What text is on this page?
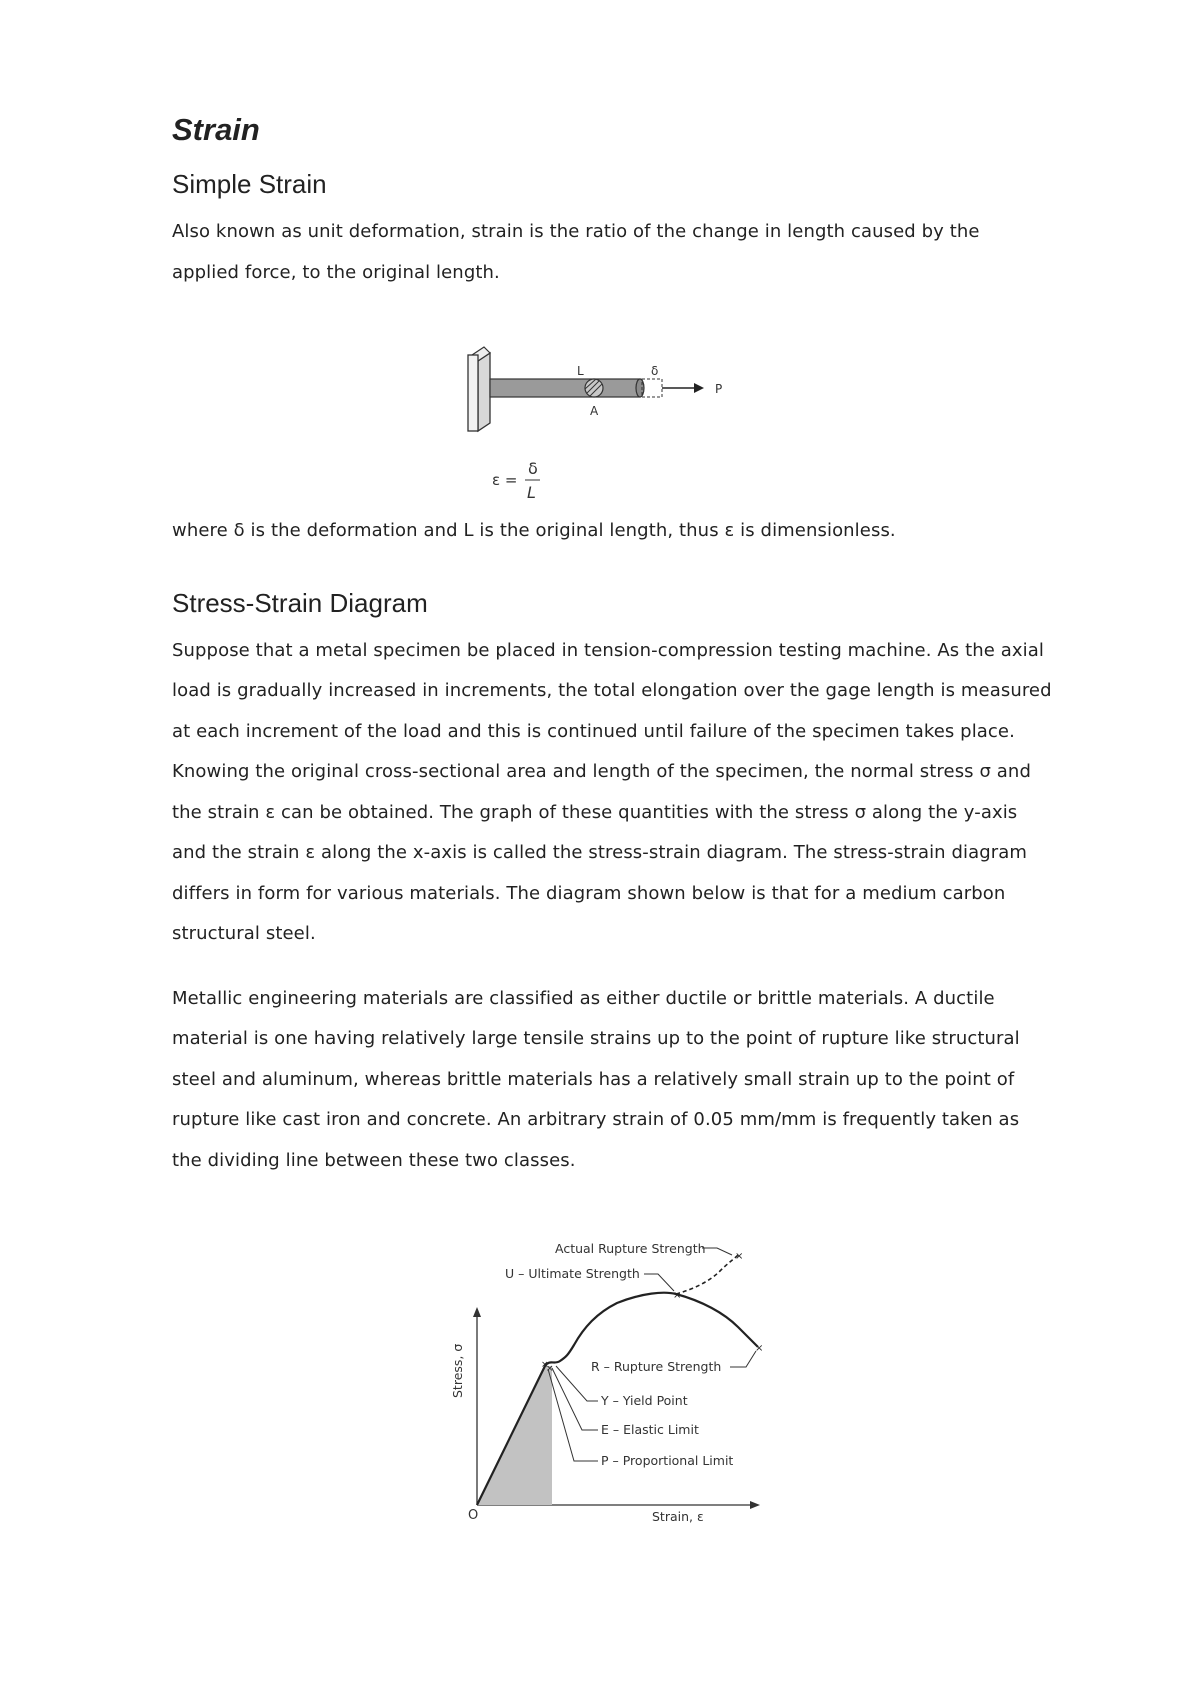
Strain
Simple Strain

Also known as unit deformation, strain is the ratio of the change in length caused by the applied force, to the original length.

L	δ
P
A
ε =
δ
L

where δ is the deformation and L is the original length, thus ε is dimensionless.

Stress-Strain Diagram

Suppose that a metal specimen be placed in tension-compression testing machine. As the axial load is gradually increased in increments, the total elongation over the gage length is measured at each increment of the load and this is continued until failure of the specimen takes place. Knowing the original cross-sectional area and length of the specimen, the normal stress σ and the strain ε can be obtained. The graph of these quantities with the stress σ along the y-axis and the strain ε along the x-axis is called the stress-strain diagram. The stress-strain diagram differs in form for various materials. The diagram shown below is that for a medium carbon structural steel.

Metallic engineering materials are classified as either ductile or brittle materials. A ductile material is one having relatively large tensile strains up to the point of rupture like structural steel and aluminum, whereas brittle materials has a relatively small strain up to the point of rupture like cast iron and concrete. An arbitrary strain of 0.05 mm/mm is frequently taken as the dividing line between these two classes.

×
×
×
×
×
Actual Rupture Strength
U – Ultimate Strength
R – Rupture Strength
Y – Yield Point
E – Elastic Limit
P – Proportional Limit
Stress, σ
Strain, ε
O
